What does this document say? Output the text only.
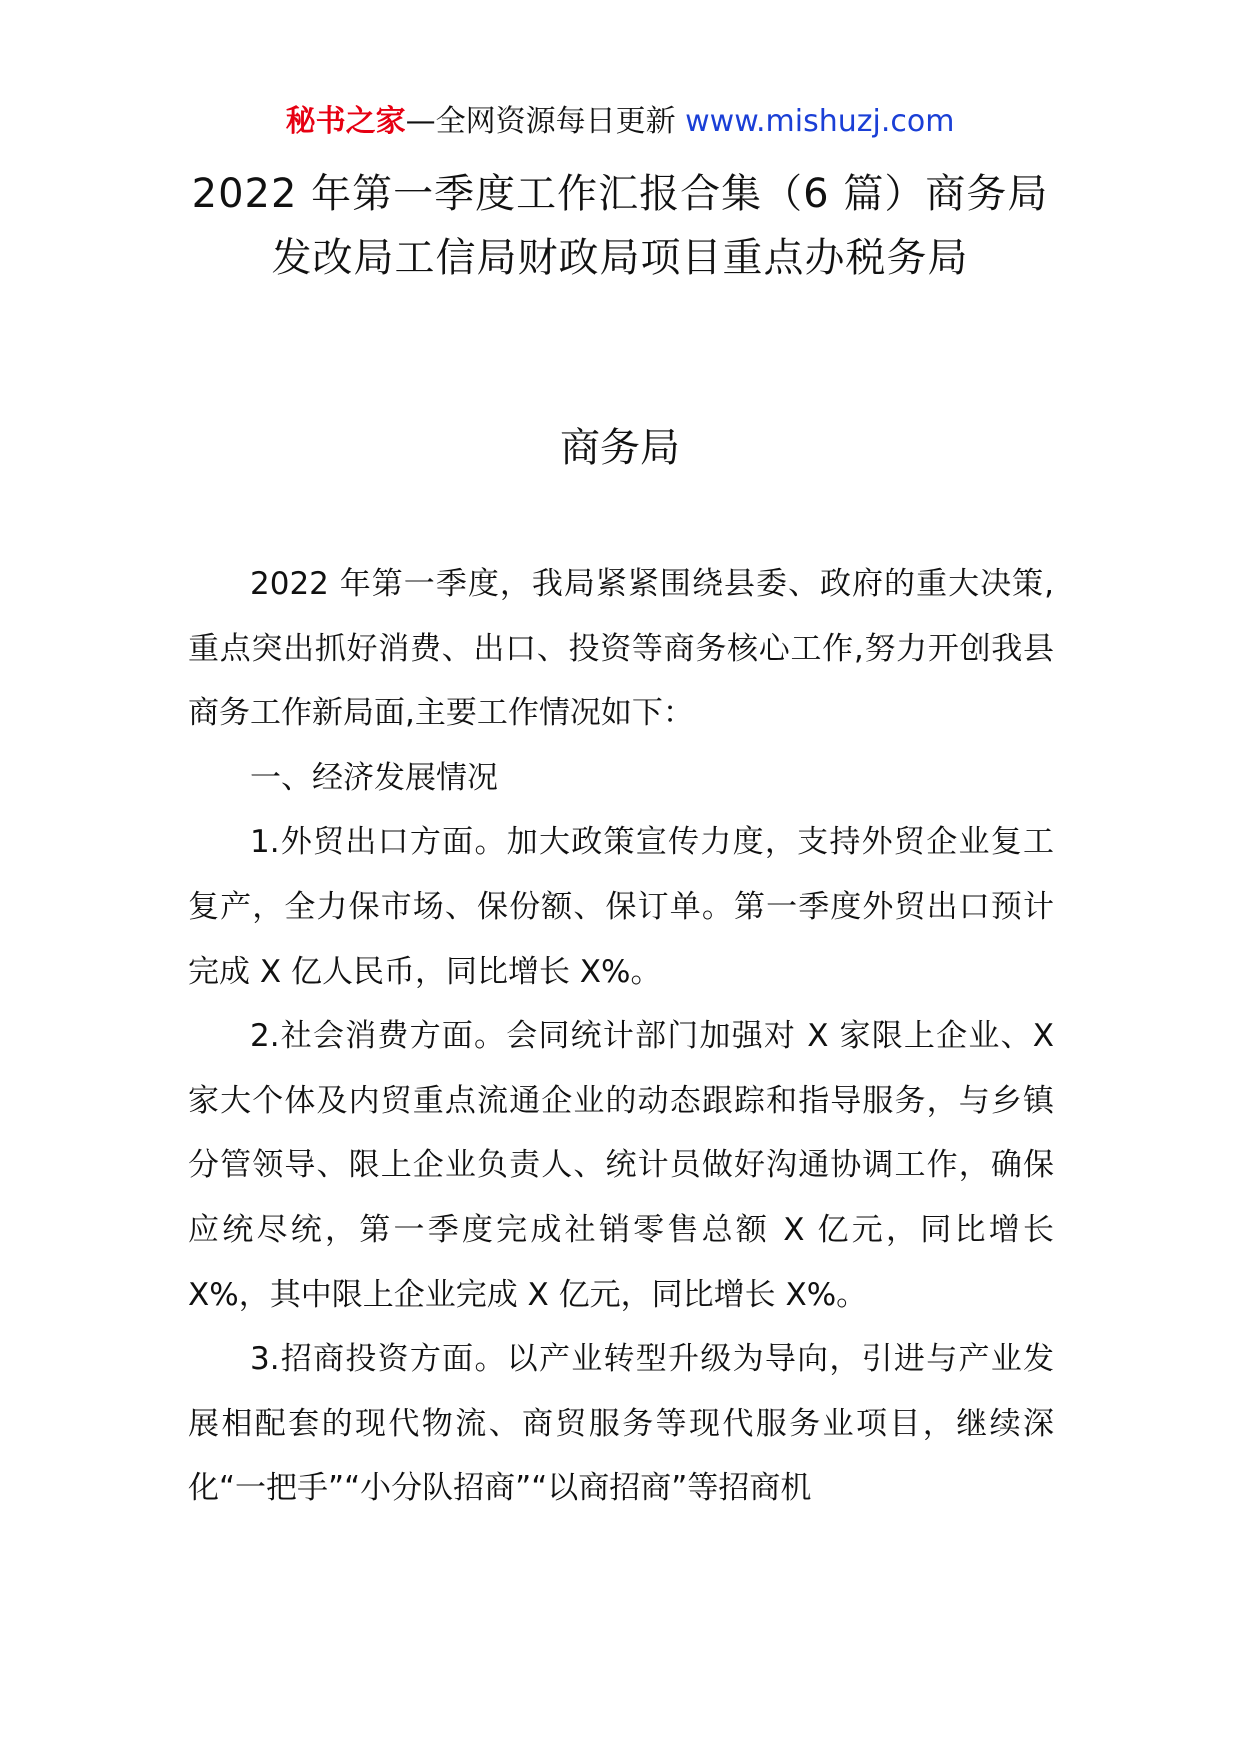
秘书之家—全网资源每日更新 www.mishuzj.com
2022 年第一季度工作汇报合集（6 篇）商务局发改局工信局财政局项目重点办税务局
商务局

2022 年第一季度，我局紧紧围绕县委、政府的重大决策,重点突出抓好消费、出口、投资等商务核心工作,努力开创我县商务工作新局面,主要工作情况如下：

一、经济发展情况

1.外贸出口方面。加大政策宣传力度，支持外贸企业复工复产，全力保市场、保份额、保订单。第一季度外贸出口预计完成 X 亿人民币，同比增长 X%。

2.社会消费方面。会同统计部门加强对 X 家限上企业、X 家大个体及内贸重点流通企业的动态跟踪和指导服务，与乡镇分管领导、限上企业负责人、统计员做好沟通协调工作，确保应统尽统，第一季度完成社销零售总额 X 亿元，同比增长 X%，其中限上企业完成 X 亿元，同比增长 X%。

3.招商投资方面。以产业转型升级为导向，引进与产业发展相配套的现代物流、商贸服务等现代服务业项目，继续深化“一把手”“小分队招商”“以商招商”等招商机
